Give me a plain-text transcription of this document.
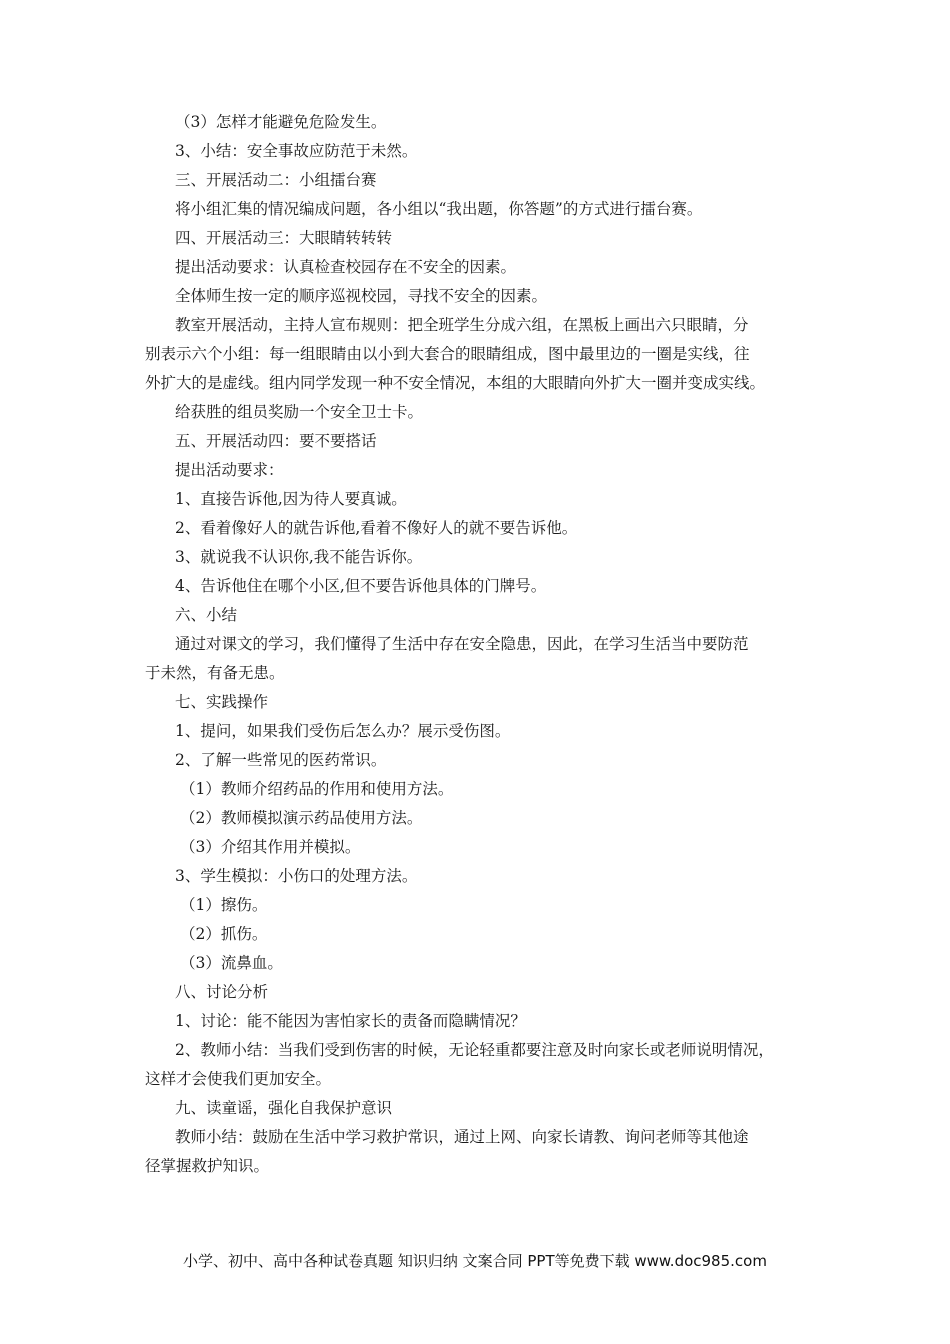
（3）怎样才能避免危险发生。
3、小结：安全事故应防范于未然。
三、开展活动二：小组擂台赛
将小组汇集的情况编成问题，各小组以“我出题，你答题”的方式进行擂台赛。
四、开展活动三：大眼睛转转转
提出活动要求：认真检查校园存在不安全的因素。
全体师生按一定的顺序巡视校园，寻找不安全的因素。
教室开展活动，主持人宣布规则：把全班学生分成六组，在黑板上画出六只眼睛，分
别表示六个小组：每一组眼睛由以小到大套合的眼睛组成，图中最里边的一圈是实线，往
外扩大的是虚线。组内同学发现一种不安全情况，本组的大眼睛向外扩大一圈并变成实线。
给获胜的组员奖励一个安全卫士卡。
五、开展活动四：要不要搭话
提出活动要求：
1、直接告诉他,因为待人要真诚。
2、看着像好人的就告诉他,看着不像好人的就不要告诉他。
3、就说我不认识你,我不能告诉你。
4、告诉他住在哪个小区,但不要告诉他具体的门牌号。
六、小结
通过对课文的学习，我们懂得了生活中存在安全隐患，因此，在学习生活当中要防范
于未然，有备无患。
七、实践操作
1、提问，如果我们受伤后怎么办？展示受伤图。
2、了解一些常见的医药常识。
（1）教师介绍药品的作用和使用方法。
（2）教师模拟演示药品使用方法。
（3）介绍其作用并模拟。
3、学生模拟：小伤口的处理方法。
（1）擦伤。
（2）抓伤。
（3）流鼻血。
八、讨论分析
1、讨论：能不能因为害怕家长的责备而隐瞒情况？
2、教师小结：当我们受到伤害的时候，无论轻重都要注意及时向家长或老师说明情况，
这样才会使我们更加安全。
九、读童谣，强化自我保护意识
教师小结：鼓励在生活中学习救护常识，通过上网、向家长请教、询问老师等其他途
径掌握救护知识。
小学、初中、高中各种试卷真题 知识归纳 文案合同 PPT等免费下载 www.doc985.com
